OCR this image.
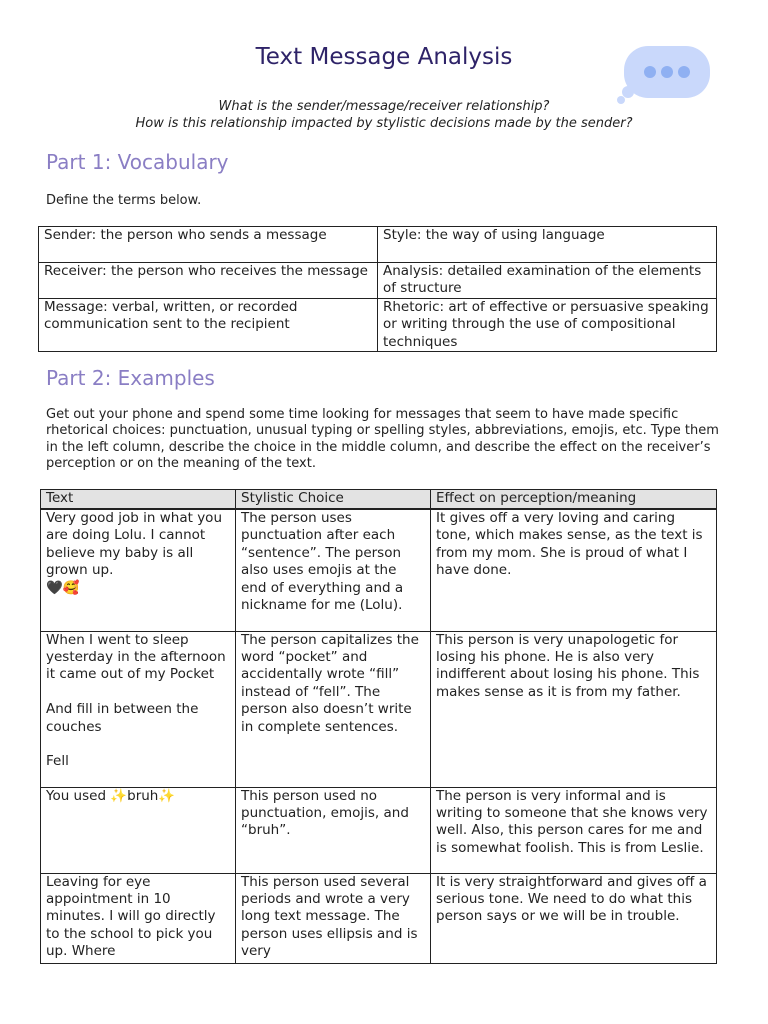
Text Message Analysis
What is the sender/message/receiver relationship?
How is this relationship impacted by stylistic decisions made by the sender?
Part 1: Vocabulary
Define the terms below.
Sender: the person who sends a message	Style: the way of using language
Receiver: the person who receives the message	Analysis: detailed examination of the elements of structure
Message: verbal, written, or recorded communication sent to the recipient	Rhetoric: art of effective or persuasive speaking or writing through the use of compositional techniques
Part 2: Examples
Get out your phone and spend some time looking for messages that seem to have made specific rhetorical choices: punctuation, unusual typing or spelling styles, abbreviations, emojis, etc. Type them in the left column, describe the choice in the middle column, and describe the effect on the receiver’s perception or on the meaning of the text.
Text	Stylistic Choice	Effect on perception/meaning
Very good job in what you are doing Lolu. I cannot believe my baby is all grown up.
🖤🥰	The person uses punctuation after each “sentence”. The person also uses emojis at the end of everything and a nickname for me (Lolu).	It gives off a very loving and caring tone, which makes sense, as the text is from my mom. She is proud of what I have done.
When I went to sleep yesterday in the afternoon it came out of my Pocket

And fill in between the couches

Fell	The person capitalizes the word “pocket” and accidentally wrote “fill” instead of “fell”. The person also doesn’t write in complete sentences.	This person is very unapologetic for losing his phone. He is also very indifferent about losing his phone. This makes sense as it is from my father.
You used ✨bruh✨	This person used no punctuation, emojis, and “bruh”.	The person is very informal and is writing to someone that she knows very well. Also, this person cares for me and is somewhat foolish. This is from Leslie.
Leaving for eye appointment in 10 minutes. I will go directly to the school to pick you up. Where	This person used several periods and wrote a very long text message. The person uses ellipsis and is very	It is very straightforward and gives off a serious tone. We need to do what this person says or we will be in trouble.
